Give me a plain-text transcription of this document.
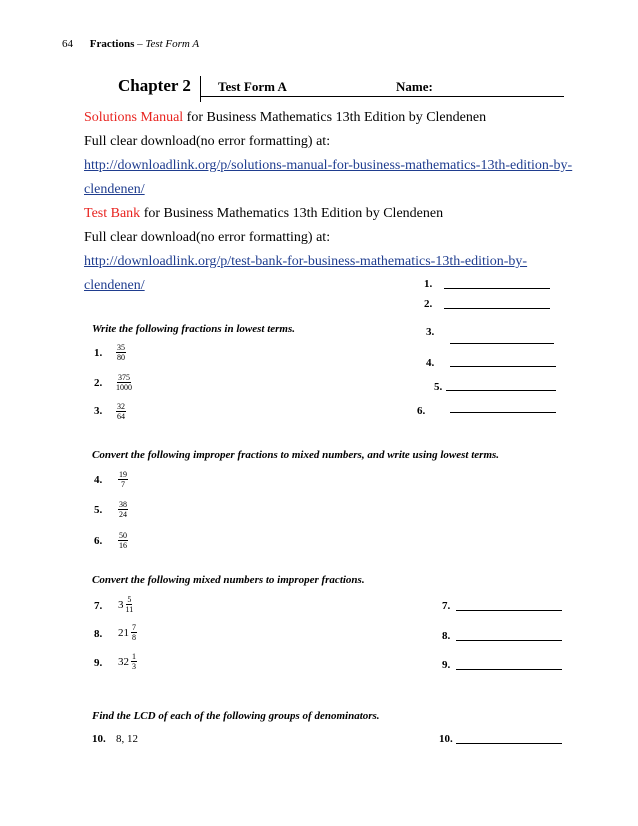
64 Fractions – Test Form A
Chapter 2 Test Form A	Name:
Solutions Manual for Business Mathematics 13th Edition by Clendenen
Full clear download(no error formatting) at:
http://downloadlink.org/p/solutions-manual-for-business-mathematics-13th-edition-by-clendenen/
Test Bank for Business Mathematics 13th Edition by Clendenen
Full clear download(no error formatting) at:
http://downloadlink.org/p/test-bank-for-business-mathematics-13th-edition-by-clendenen/	1.
2.
3.
4.
5.
6.
Write the following fractions in lowest terms.
1. $\frac{35}{80}$
2. $\frac{375}{1000}$
3. $\frac{32}{64}$
Convert the following improper fractions to mixed numbers, and write using lowest terms.
4. $\frac{19}{7}$
5. $\frac{38}{24}$
6. $\frac{50}{16}$
Convert the following mixed numbers to improper fractions.
7. $3 \frac{5}{11}$
8. $21 \frac{7}{8}$
9. $32 \frac{1}{3}$
7.
8.
9.
Find the LCD of each of the following groups of denominators.
10. 8, 12	10.
